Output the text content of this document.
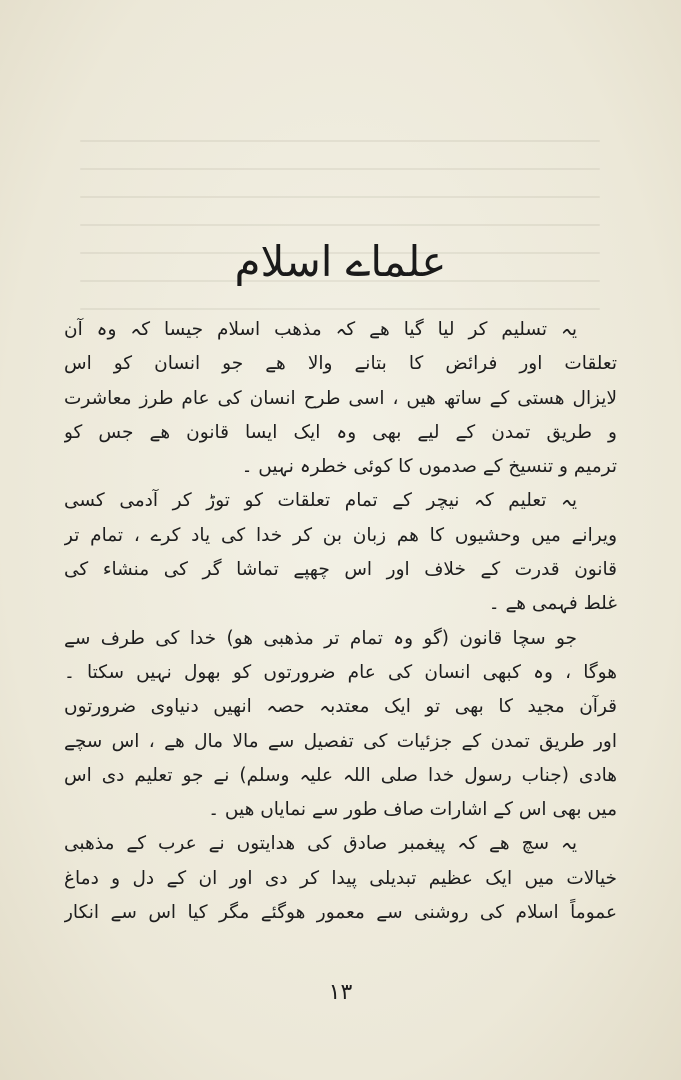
علماے اسلام
یہ تسلیم کر لیا گیا ھے کہ مذھب اسلام جیسا کہ وہ آن
تعلقات اور فرائض کا بتانے والا ھے جو انسان کو اس
لایزال ھستی کے ساتھ ھیں ، اسی طرح انسان کی عام طرز معاشرت
و طریق تمدن کے لیے بھی وہ ایک ایسا قانون ھے جس کو
ترمیم و تنسیخ کے صدموں کا کوئی خطرہ نہیں ۔
یہ تعلیم کہ نیچر کے تمام تعلقات کو توڑ کر آدمی کسی
ویرانے میں وحشیوں کا ھم زبان بن کر خدا کی یاد کرے ، تمام تر
قانون قدرت کے خلاف اور اس چھپے تماشا گر کی منشاء کی
غلط فہمی ھے ۔
جو سچا قانون (گو وہ تمام تر مذھبی ھو) خدا کی طرف سے
ھوگا ، وہ کبھی انسان کی عام ضرورتوں کو بھول نہیں سکتا ۔
قرآن مجید کا بھی تو ایک معتدبہ حصہ انھیں دنیاوی ضرورتوں
اور طریق تمدن کے جزئیات کی تفصیل سے مالا مال ھے ، اس سچے
ھادی (جناب رسول خدا صلی اللہ علیہ وسلم) نے جو تعلیم دی اس
میں بھی اس کے اشارات صاف طور سے نمایاں ھیں ۔
یہ سچ ھے کہ پیغمبر صادق کی ھدایتوں نے عرب کے مذھبی
خیالات میں ایک عظیم تبدیلی پیدا کر دی اور ان کے دل و دماغ
عموماً اسلام کی روشنی سے معمور ھوگئے مگر کیا اس سے انکار
۱۳
